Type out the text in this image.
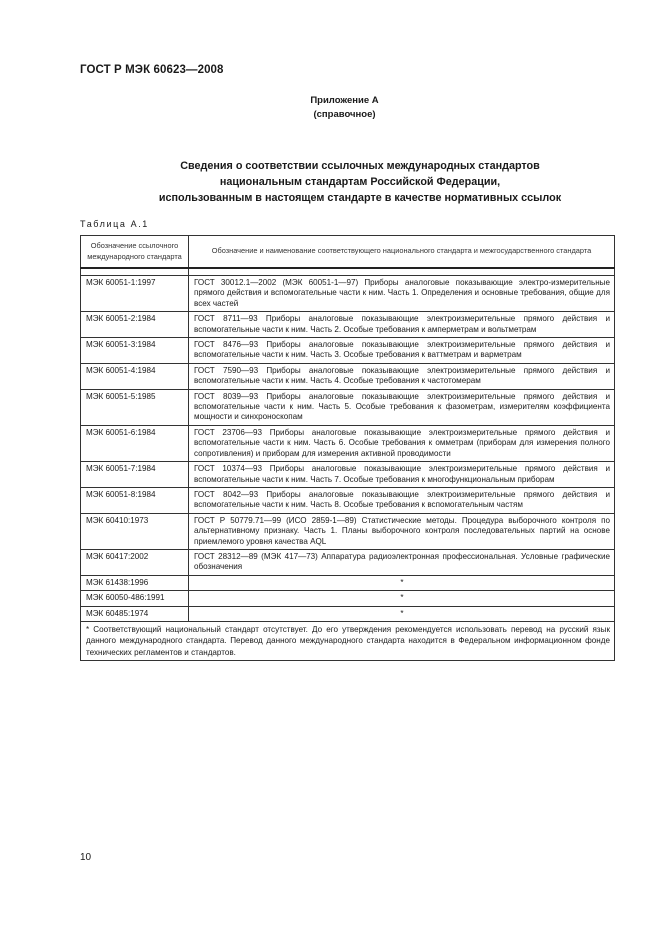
ГОСТ Р МЭК 60623—2008
Приложение А
(справочное)
Сведения о соответствии ссылочных международных стандартов
национальным стандартам Российской Федерации,
использованным в настоящем стандарте в качестве нормативных ссылок
Таблица А.1
Обозначение ссылочного международного стандарта	Обозначение и наименование соответствующего национального стандарта и межгосударственного стандарта

МЭК 60051-1:1997	ГОСТ 30012.1—2002 (МЭК 60051-1—97) Приборы аналоговые показывающие электро-измерительные прямого действия и вспомогательные части к ним. Часть 1. Определения и основные требования, общие для всех частей
МЭК 60051-2:1984	ГОСТ 8711—93 Приборы аналоговые показывающие электроизмерительные прямого действия и вспомогательные части к ним. Часть 2. Особые требования к амперметрам и вольтметрам
МЭК 60051-3:1984	ГОСТ 8476—93 Приборы аналоговые показывающие электроизмерительные прямого действия и вспомогательные части к ним. Часть 3. Особые требования к ваттметрам и варметрам
МЭК 60051-4:1984	ГОСТ 7590—93 Приборы аналоговые показывающие электроизмерительные прямого действия и вспомогательные части к ним. Часть 4. Особые требования к частотомерам
МЭК 60051-5:1985	ГОСТ 8039—93 Приборы аналоговые показывающие электроизмерительные прямого действия и вспомогательные части к ним. Часть 5. Особые требования к фазометрам, измерителям коэффициента мощности и синхроноскопам
МЭК 60051-6:1984	ГОСТ 23706—93 Приборы аналоговые показывающие электроизмерительные прямого действия и вспомогательные части к ним. Часть 6. Особые требования к омметрам (приборам для измерения полного сопротивления) и приборам для измерения активной проводимости
МЭК 60051-7:1984	ГОСТ 10374—93 Приборы аналоговые показывающие электроизмерительные прямого действия и вспомогательные части к ним. Часть 7. Особые требования к многофункциональным приборам
МЭК 60051-8:1984	ГОСТ 8042—93 Приборы аналоговые показывающие электроизмерительные прямого действия и вспомогательные части к ним. Часть 8. Особые требования к вспомогательным частям
МЭК 60410:1973	ГОСТ Р 50779.71—99 (ИСО 2859-1—89) Статистические методы. Процедура выборочного контроля по альтернативному признаку. Часть 1. Планы выборочного контроля последовательных партий на основе приемлемого уровня качества AQL
МЭК 60417:2002	ГОСТ 28312—89 (МЭК 417—73) Аппаратура радиоэлектронная профессиональная. Условные графические обозначения
МЭК 61438:1996	*
МЭК 60050-486:1991	*
МЭК 60485:1974	*
* Соответствующий национальный стандарт отсутствует. До его утверждения рекомендуется использовать перевод на русский язык данного международного стандарта. Перевод данного международного стандарта находится в Федеральном информационном фонде технических регламентов и стандартов.	
10
